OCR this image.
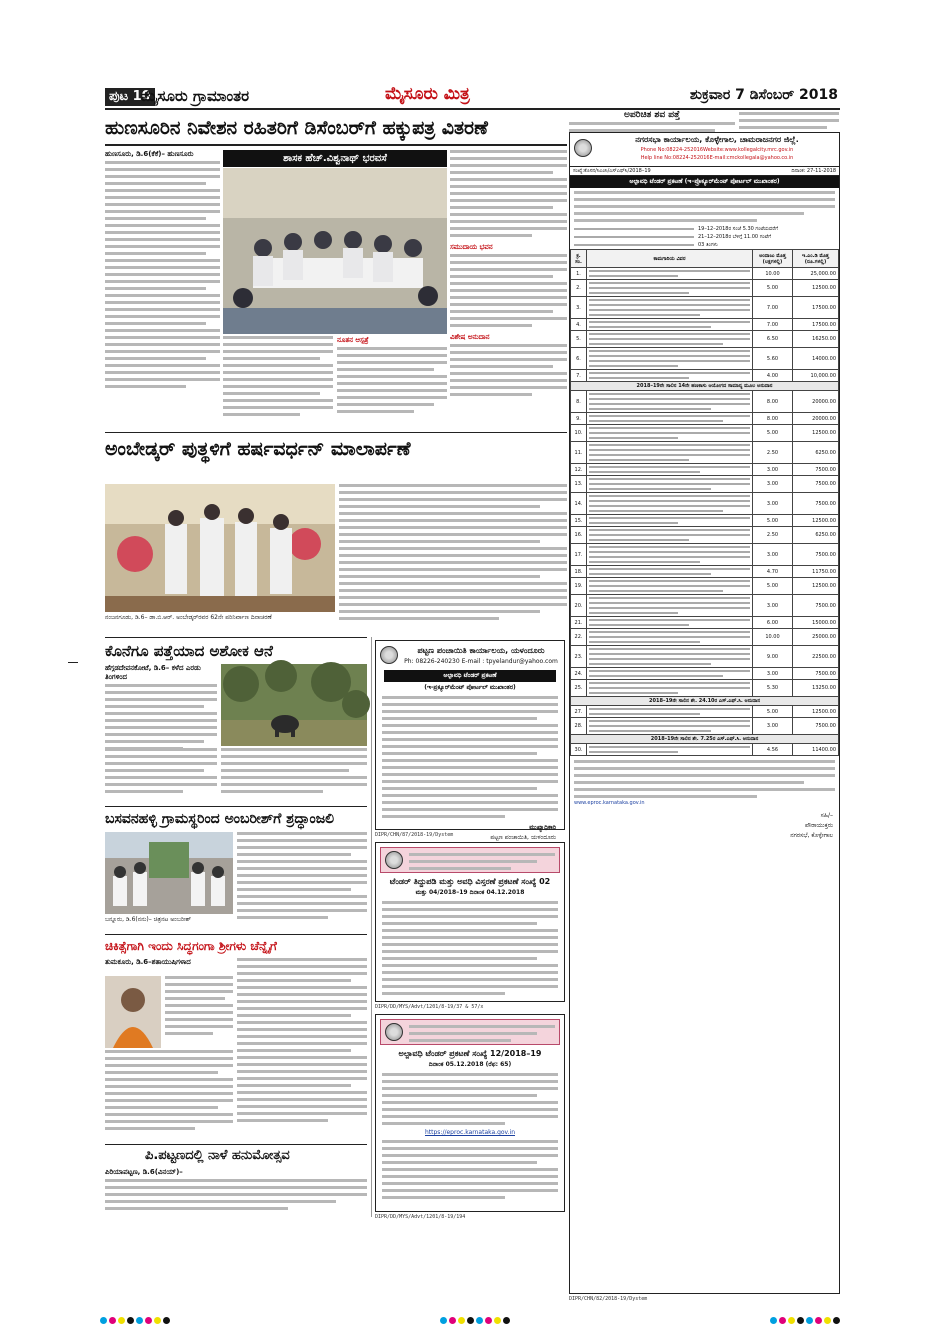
ಪುಟ 10
ಮೈಸೂರು ಗ್ರಾಮಾಂತರ	ಮೈಸೂರು ಮಿತ್ರ	ಶುಕ್ರವಾರ 7 ಡಿಸೆಂಬರ್ 2018
ಹುಣಸೂರಿನ ನಿವೇಶನ ರಹಿತರಿಗೆ ಡಿಸೆಂಬರ್‌ಗೆ ಹಕ್ಕುಪತ್ರ ವಿತರಣೆ
ಅಪರಿಚಿತ ಶವ ಪತ್ತೆ
ಹುಣಸೂರು, ಡಿ.6(ಕೆಕೆ)– ಹುಣಸೂರು	ಶಾಸಕ ಹೆಚ್.ವಿಶ್ವನಾಥ್ ಭರವಸೆ
ನೂತನ ಆಸ್ಪತ್ರೆ
ಸಮುದಾಯ ಭವನ
ವಿಶೇಷ ಅನುದಾನ
ಅಂಬೇಡ್ಕರ್ ಪುತ್ಥಳಿಗೆ ಹರ್ಷವರ್ಧನ್ ಮಾಲಾರ್ಪಣೆ
ನಂಜನಗೂಡು, ಡಿ.6– ಡಾ.ಬಿ.ಆರ್. ಅಂಬೇಡ್ಕರ್‌ರವರ 62ನೇ ಪರಿನಿರ್ವಾಣ ದಿನಾಚರಣೆ
ಕೊನೆಗೂ ಪತ್ತೆಯಾದ ಅಶೋಕ ಆನೆ
ಹೆಗ್ಗಡದೇವನಕೋಟೆ, ಡಿ.6– ಕಳೆದ ಎರಡು ತಿಂಗಳಿಂದ
ಬಸವನಹಳ್ಳಿ ಗ್ರಾಮಸ್ಥರಿಂದ ಅಂಬರೀಶ್‌ಗೆ ಶ್ರದ್ಧಾಂಜಲಿ
ಬನ್ನೂರು, ಡಿ.6(ನನು)– ಚಿತ್ರನಟ ಅಂಬರೀಶ್
ಚಿಕಿತ್ಸೆಗಾಗಿ ಇಂದು ಸಿದ್ಧಗಂಗಾ ಶ್ರೀಗಳು ಚೆನ್ನೈಗೆ
ತುಮಕೂರು, ಡಿ.6–ಶತಾಯುಷಿಗಳಾದ
ಪಿ.ಪಟ್ಟಣದಲ್ಲಿ ನಾಳೆ ಹನುಮೋತ್ಸವ
ಪಿರಿಯಾಪಟ್ಟಣ, ಡಿ.6(ವಿನಯ್)–
ಪಟ್ಟಣ ಪಂಚಾಯಿತಿ ಕಾರ್ಯಾಲಯ, ಯಳಂದೂರು
Ph: 08226-240230 E-mail : tpyelandur@yahoo.com
ಅಲ್ಪಾವಧಿ ಟೆಂಡರ್ ಪ್ರಕಟಣೆ
(ಇ-ಪ್ರಕ್ಯೂರ್‌ಮೆಂಟ್ ಪೋರ್ಟಲ್ ಮುಖಾಂತರ)
ಮುಖ್ಯಾಧಿಕಾರಿ
ಪಟ್ಟಣ ಪಂಚಾಯಿತಿ, ಯಳಂದೂರು
DIPR/CHN/87/2018-19/Dystem
ಟೆಂಡರ್ ತಿದ್ದುಪಡಿ ಮತ್ತು ಅವಧಿ ವಿಸ್ತರಣೆ ಪ್ರಕಟಣೆ ಸಂಖ್ಯೆ 02
ಮತ್ತು 04/2018–19 ದಿನಾಂಕ 04.12.2018
DIPR/DD/MYS/Advt/1201/8-19/37 & 57/x
ಅಲ್ಪಾವಧಿ ಟೆಂಡರ್ ಪ್ರಕಟಣೆ ಸಂಖ್ಯೆ 12/2018–19
ದಿನಾಂಕ 05.12.2018 (ರೆಫ: 65)
https://eproc.karnataka.gov.in
DIPR/DD/MYS/Advt/1201/8-19/194
ನಗರಸಭಾ ಕಾರ್ಯಾಲಯ, ಕೊಳ್ಳೇಗಾಲ, ಚಾಮರಾಜನಗರ ಜಿಲ್ಲೆ.
Phone No:08224-252016Website:www.kollegalcity.mrc.gov.in
Help line No:08224-252016E-mail:cmckollegala@yahoo.co.in
ಸಂಖ್ಯೆ:ಕೊಸನ/ಸಿಎಂಸಿ/ಎಸ್‌ಎಫ್‌ಸಿ/2018–19	ದಿನಾಂಕ: 27-11-2018
ಅಲ್ಪಾವಧಿ ಟೆಂಡರ್ ಪ್ರಕಟಣೆ (ಇ–ಪ್ರೊಕ್ಯೂರ್‌ಮೆಂಟ್ ಪೋರ್ಟಲ್ ಮುಖಾಂತರ)
19–12–2018ರ ಸಂಜೆ 5.30 ಗಂಟೆಯವರೆಗೆ
21–12–2018ರ ಬೆಳಿಗ್ಗೆ 11.00 ಗಂಟೆಗೆ
03 ತಿಂಗಳು
ಕ್ರ. ಸಂ.	ಕಾಮಗಾರಿಯ ವಿವರ	ಅಂದಾಜು ಮೊತ್ತ (ಲಕ್ಷಗಳಲ್ಲಿ)	ಇ.ಎಂ.ಡಿ ಮೊತ್ತ (ರೂ.ಗಳಲ್ಲಿ)
1.		10.00	25,000.00
2.		5.00	12500.00
3.		7.00	17500.00
4.		7.00	17500.00
5.		6.50	16250.00
6.		5.60	14000.00
7.		4.00	10,000.00
2018–19ನೇ ಸಾಲಿನ 14ನೇ ಹಣಕಾಸು ಆಯೋಗದ ಸಾಮಾನ್ಯ ಮೂಲ ಅನುದಾನ			
8.		8.00	20000.00
9.		8.00	20000.00
10.		5.00	12500.00
11.		2.50	6250.00
12.		3.00	7500.00
13.		3.00	7500.00
14.		3.00	7500.00
15.		5.00	12500.00
16.		2.50	6250.00
17.		3.00	7500.00
18.		4.70	11750.00
19.		5.00	12500.00
20.		3.00	7500.00
21.		6.00	15000.00
22.		10.00	25000.00
23.		9.00	22500.00
24.		3.00	7500.00
25.		5.30	13250.00
2018–19ನೇ ಸಾಲಿನ ಶೇ. 24.10ರ ಎಸ್.ಎಫ್.ಸಿ. ಅನುದಾನ			
27.		5.00	12500.00
28.		3.00	7500.00
2018–19ನೇ ಸಾಲಿನ ಶೇ. 7.25ರ ಎಸ್.ಎಫ್.ಸಿ. ಅನುದಾನ			
30.		4.56	11400.00
www.eproc.karnataka.gov.in
ಸಹಿ/–
ಪೌರಾಯುಕ್ತರು
ನಗರಸಭೆ, ಕೊಳ್ಳೇಗಾಲ
DIPR/CHN/82/2018-19/Dystem
